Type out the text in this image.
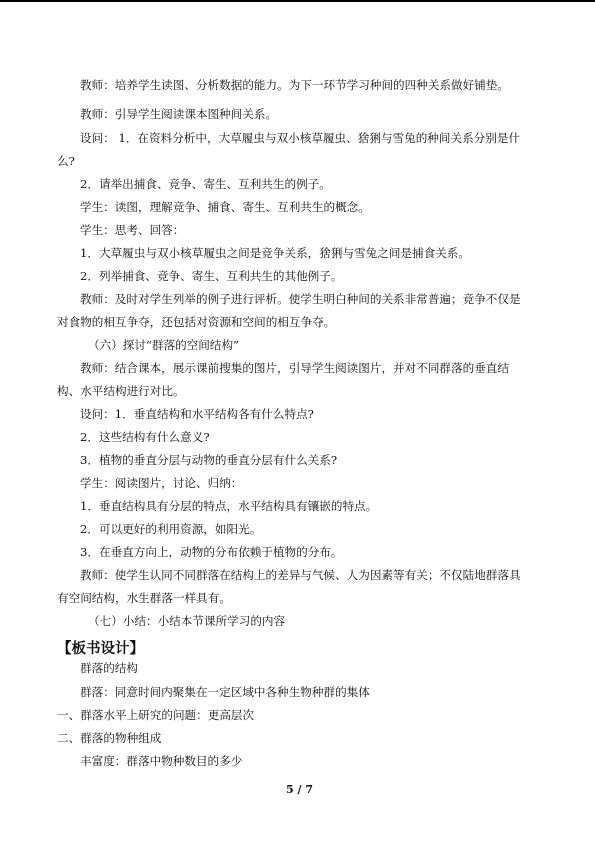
教师：培养学生读图、分析数据的能力。为下一环节学习种间的四种关系做好铺垫。
教师：引导学生阅读课本图种间关系。
设问： 1．在资料分析中，大草履虫与双小核草履虫、猞猁与雪兔的种间关系分别是什
么?
2．请举出捕食、竞争、寄生、互利共生的例子。
学生：读图，理解竞争、捕食、寄生、互利共生的概念。
学生：思考、回答：
1．大草履虫与双小核草履虫之间是竞争关系，猞猁与雪兔之间是捕食关系。
2．列举捕食、竞争、寄生、互利共生的其他例子。
教师：及时对学生列举的例子进行评析。使学生明白种间的关系非常普遍；竞争不仅是
对食物的相互争夺，还包括对资源和空间的相互争夺。
（六）探讨“群落的空间结构”
教师：结合课本，展示课前搜集的图片，引导学生阅读图片，并对不同群落的垂直结
构、水平结构进行对比。
设问：1．垂直结构和水平结构各有什么特点?
2．这些结构有什么意义?
3．植物的垂直分层与动物的垂直分层有什么关系?
学生：阅读图片，讨论、归纳：
1．垂直结构具有分层的特点，水平结构具有镶嵌的特点。
2．可以更好的利用资源，如阳光。
3．在垂直方向上，动物的分布依赖于植物的分布。
教师：使学生认同不同群落在结构上的差异与气候、人为因素等有关；不仅陆地群落具
有空间结构，水生群落一样具有。
（七）小结：小结本节课所学习的内容
【板书设计】
群落的结构
群落：同意时间内聚集在一定区域中各种生物种群的集体
一、群落水平上研究的问题：更高层次
二、群落的物种组成
丰富度：群落中物种数目的多少
5 / 7
